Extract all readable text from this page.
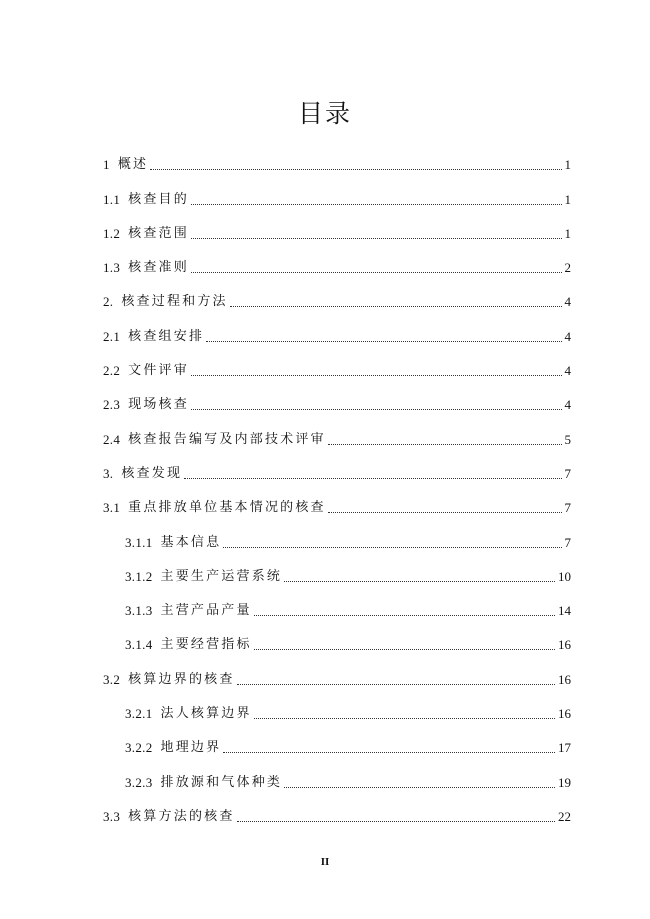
目录
1 概述	1
1.1 核查目的	1
1.2 核查范围	1
1.3 核查准则	2
2. 核查过程和方法	4
2.1 核查组安排	4
2.2 文件评审	4
2.3 现场核查	4
2.4 核查报告编写及内部技术评审	5
3. 核查发现	7
3.1 重点排放单位基本情况的核查	7
3.1.1 基本信息	7
3.1.2 主要生产运营系统	10
3.1.3 主营产品产量	14
3.1.4 主要经营指标	16
3.2 核算边界的核查	16
3.2.1 法人核算边界	16
3.2.2 地理边界	17
3.2.3 排放源和气体种类	19
3.3 核算方法的核查	22
II
